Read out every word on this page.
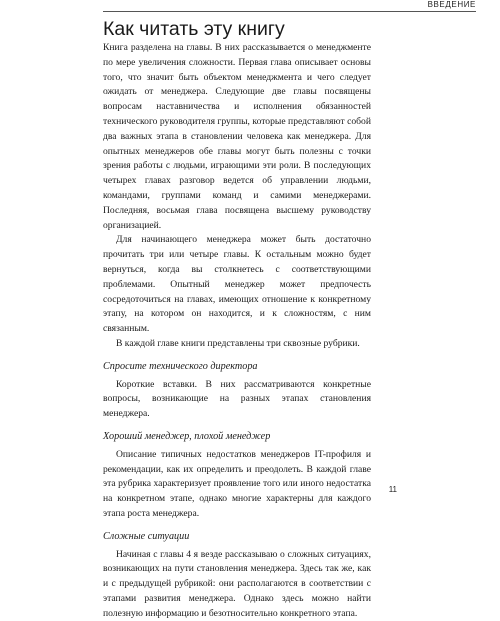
ВВЕДЕНИЕ
Как читать эту книгу

Книга разделена на главы. В них рассказывается о менеджменте по мере увеличения сложности. Первая глава описывает основы того, что значит быть объектом менеджмента и чего следует ожидать от менеджера. Следующие две главы посвящены вопросам наставничества и исполнения обязанностей технического руководителя группы, которые представляют собой два важных этапа в становлении человека как менеджера. Для опытных менеджеров обе главы могут быть полезны с точки зрения работы с людьми, играющими эти роли. В последующих четырех главах разговор ведется об управлении людьми, командами, группами команд и самими менеджерами. Последняя, восьмая глава посвящена высшему руководству организацией.

Для начинающего менеджера может быть достаточно прочитать три или четыре главы. К остальным можно будет вернуться, когда вы столкнетесь с соответствующими проблемами. Опытный менеджер может предпочесть сосредоточиться на главах, имеющих отношение к конкретному этапу, на котором он находится, и к сложностям, с ним связанным.

В каждой главе книги представлены три сквозные рубрики.

Спросите технического директора

Короткие вставки. В них рассматриваются конкретные вопросы, возникающие на разных этапах становления менеджера.

Хороший менеджер, плохой менеджер

Описание типичных недостатков менеджеров IT-профиля и рекомендации, как их определить и преодолеть. В каждой главе эта рубрика характеризует проявление того или иного недостатка на конкретном этапе, однако многие характерны для каждого этапа роста менеджера.

Сложные ситуации

Начиная с главы 4 я везде рассказываю о сложных ситуациях, возникающих на пути становления менеджера. Здесь так же, как и с предыдущей рубрикой: они располагаются в соответствии с этапами развития менеджера. Однако здесь можно найти полезную информацию и безотносительно конкретного этапа.

11
